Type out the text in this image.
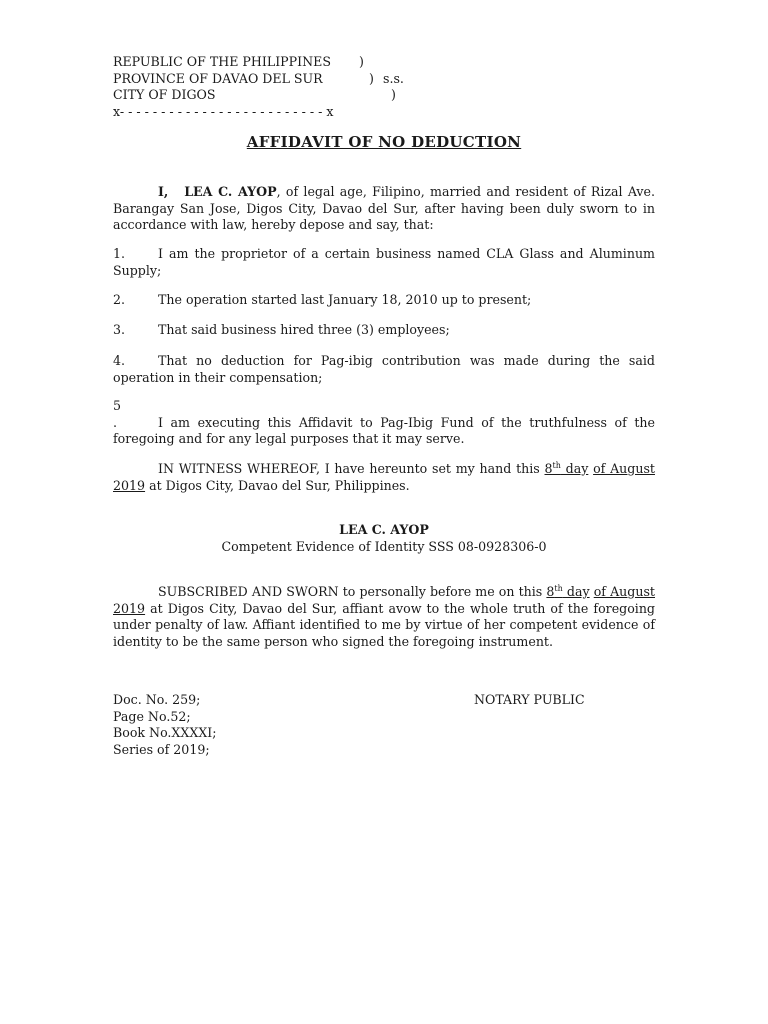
REPUBLIC OF THE PHILIPPINES )
PROVINCE OF DAVAO DEL SUR	) s.s.
CITY OF DIGOS	)
x- - - - - - - - - - - - - - - - - - - - - - - - - x
AFFIDAVIT OF NO DEDUCTION
I, LEA C. AYOP, of legal age, Filipino, married and resident of Rizal Ave. Barangay San Jose, Digos City, Davao del Sur, after having been duly sworn to in accordance with law, hereby depose and say, that:
1.	I am the proprietor of a certain business named CLA Glass and Aluminum Supply;
2.	The operation started last January 18, 2010 up to present;
3.	That said business hired three (3) employees;
4.	That no deduction for Pag-ibig contribution was made during the said operation in their compensation;
5
.	I am executing this Affidavit to Pag-Ibig Fund of the truthfulness of the foregoing and for any legal purposes that it may serve.
IN WITNESS WHEREOF, I have hereunto set my hand this 8th day of August 2019 at Digos City, Davao del Sur, Philippines.
LEA C. AYOP
Competent Evidence of Identity SSS 08-0928306-0
SUBSCRIBED AND SWORN to personally before me on this 8th day of August 2019 at Digos City, Davao del Sur, affiant avow to the whole truth of the foregoing under penalty of law. Affiant identified to me by virtue of her competent evidence of identity to be the same person who signed the foregoing instrument.
Doc. No. 259;
Page No.52;
Book No.XXXXI;
Series of 2019;
NOTARY PUBLIC
